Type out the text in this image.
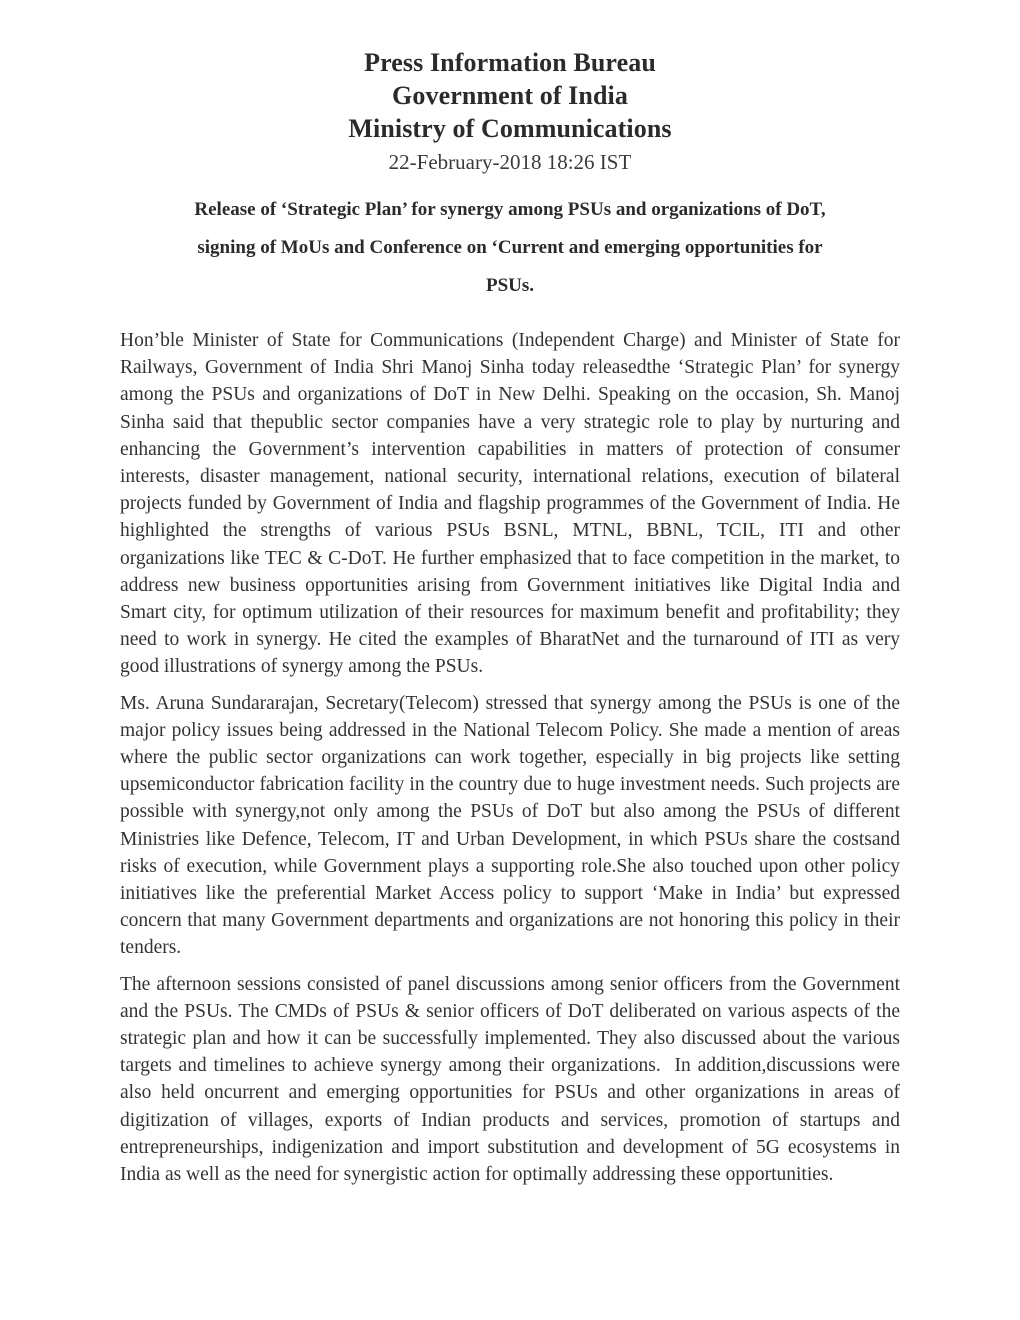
Press Information Bureau
Government of India
Ministry of Communications
22-February-2018 18:26 IST
Release of ‘Strategic Plan’ for synergy among PSUs and organizations of DoT,
signing of MoUs and Conference on ‘Current and emerging opportunities for
PSUs.

Hon’ble Minister of State for Communications (Independent Charge) and Minister of State for Railways, Government of India Shri Manoj Sinha today releasedthe ‘Strategic Plan’ for synergy among the PSUs and organizations of DoT in New Delhi. Speaking on the occasion, Sh. Manoj Sinha said that thepublic sector companies have a very strategic role to play by nurturing and enhancing the Government’s intervention capabilities in matters of protection of consumer interests, disaster management, national security, international relations, execution of bilateral projects funded by Government of India and flagship programmes of the Government of India. He highlighted the strengths of various PSUs BSNL, MTNL, BBNL, TCIL, ITI and other organizations like TEC & C-DoT. He further emphasized that to face competition in the market, to address new business opportunities arising from Government initiatives like Digital India and Smart city, for optimum utilization of their resources for maximum benefit and profitability; they need to work in synergy. He cited the examples of BharatNet and the turnaround of ITI as very good illustrations of synergy among the PSUs.

Ms. Aruna Sundararajan, Secretary(Telecom) stressed that synergy among the PSUs is one of the major policy issues being addressed in the National Telecom Policy. She made a mention of areas where the public sector organizations can work together, especially in big projects like setting upsemiconductor fabrication facility in the country due to huge investment needs. Such projects are possible with synergy,not only among the PSUs of DoT but also among the PSUs of different Ministries like Defence, Telecom, IT and Urban Development, in which PSUs share the costsand risks of execution, while Government plays a supporting role.She also touched upon other policy initiatives like the preferential Market Access policy to support ‘Make in India’ but expressed concern that many Government departments and organizations are not honoring this policy in their tenders.

The afternoon sessions consisted of panel discussions among senior officers from the Government and the PSUs. The CMDs of PSUs & senior officers of DoT deliberated on various aspects of the strategic plan and how it can be successfully implemented. They also discussed about the various targets and timelines to achieve synergy among their organizations.  In addition,discussions were also held oncurrent and emerging opportunities for PSUs and other organizations in areas of digitization of villages, exports of Indian products and services, promotion of startups and entrepreneurships, indigenization and import substitution and development of 5G ecosystems in India as well as the need for synergistic action for optimally addressing these opportunities.
